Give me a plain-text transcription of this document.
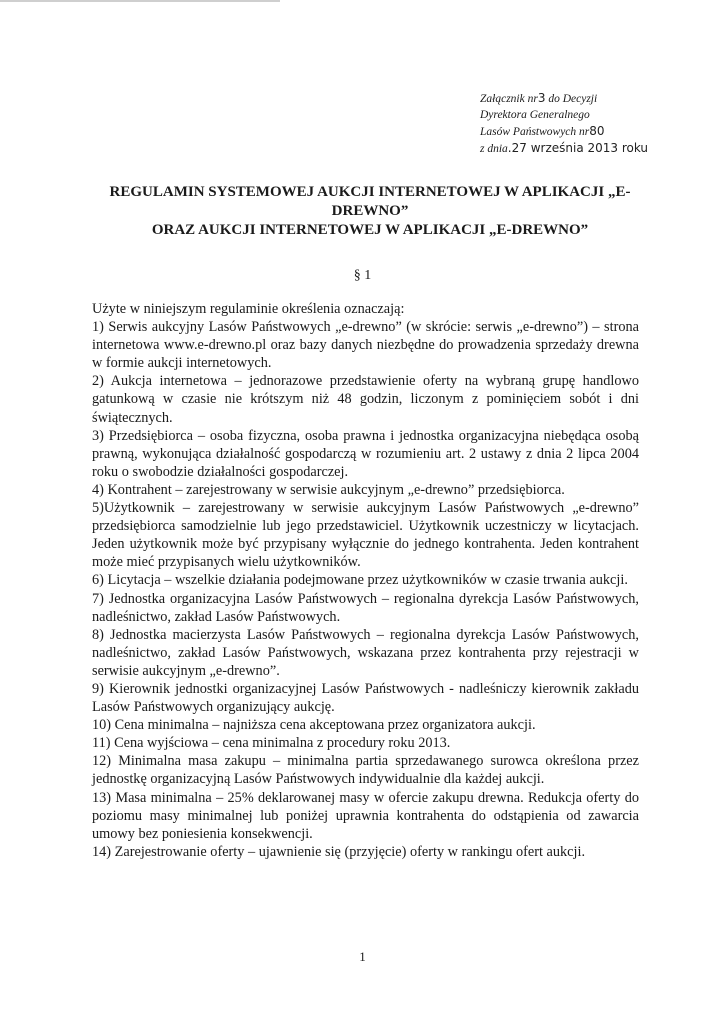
Załącznik nr3 do Decyzji
Dyrektora Generalnego
Lasów Państwowych nr80
z dnia.27 września 2013 roku
REGULAMIN SYSTEMOWEJ AUKCJI INTERNETOWEJ W APLIKACJI „E-
DREWNO”
ORAZ AUKCJI INTERNETOWEJ W APLIKACJI „E-DREWNO”
§ 1

Użyte w niniejszym regulaminie określenia oznaczają:

1) Serwis aukcyjny Lasów Państwowych „e-drewno” (w skrócie: serwis „e-drewno”) – strona internetowa www.e-drewno.pl oraz bazy danych niezbędne do prowadzenia sprzedaży drewna w formie aukcji internetowych.

2) Aukcja internetowa – jednorazowe przedstawienie oferty na wybraną grupę handlowo gatunkową w czasie nie krótszym niż 48 godzin, liczonym z pominięciem sobót i dni świątecznych.

3) Przedsiębiorca – osoba fizyczna, osoba prawna i jednostka organizacyjna niebędąca osobą prawną, wykonująca działalność gospodarczą w rozumieniu art. 2 ustawy z dnia 2 lipca 2004 roku o swobodzie działalności gospodarczej.

4) Kontrahent – zarejestrowany w serwisie aukcyjnym „e-drewno” przedsiębiorca.

5)Użytkownik – zarejestrowany w serwisie aukcyjnym Lasów Państwowych „e-drewno” przedsiębiorca samodzielnie lub jego przedstawiciel. Użytkownik uczestniczy w licytacjach. Jeden użytkownik może być przypisany wyłącznie do jednego kontrahenta. Jeden kontrahent może mieć przypisanych wielu użytkowników.

6) Licytacja – wszelkie działania podejmowane przez użytkowników w czasie trwania aukcji.

7) Jednostka organizacyjna Lasów Państwowych – regionalna dyrekcja Lasów Państwowych, nadleśnictwo, zakład Lasów Państwowych.

8) Jednostka macierzysta Lasów Państwowych – regionalna dyrekcja Lasów Państwowych, nadleśnictwo, zakład Lasów Państwowych, wskazana przez kontrahenta przy rejestracji w serwisie aukcyjnym „e-drewno”.

9) Kierownik jednostki organizacyjnej Lasów Państwowych - nadleśniczy kierownik zakładu Lasów Państwowych organizujący aukcję.

10) Cena minimalna – najniższa cena akceptowana przez organizatora aukcji.

11) Cena wyjściowa – cena minimalna z procedury roku 2013.

12) Minimalna masa zakupu – minimalna partia sprzedawanego surowca określona przez jednostkę organizacyjną Lasów Państwowych indywidualnie dla każdej aukcji.

13) Masa minimalna – 25% deklarowanej masy w ofercie zakupu drewna. Redukcja oferty do poziomu masy minimalnej lub poniżej uprawnia kontrahenta do odstąpienia od zawarcia umowy bez poniesienia konsekwencji.

14) Zarejestrowanie oferty – ujawnienie się (przyjęcie) oferty w rankingu ofert aukcji.

1
